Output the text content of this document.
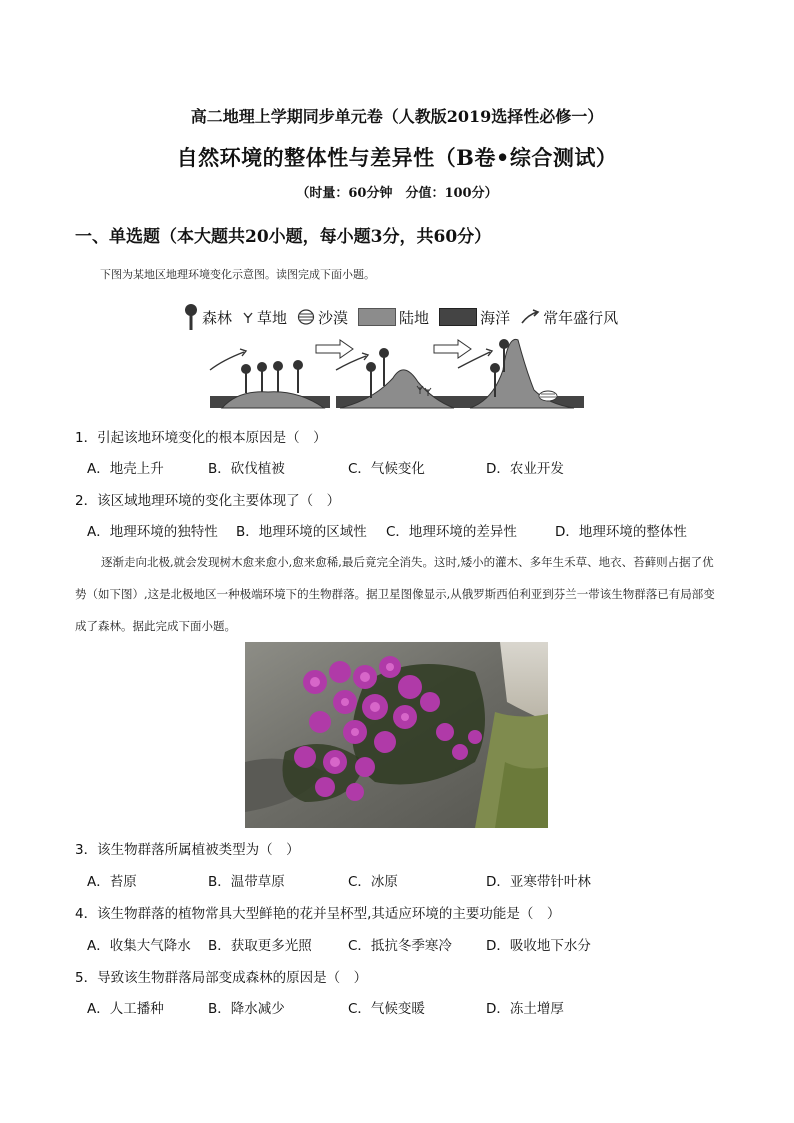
高二地理上学期同步单元卷（人教版2019选择性必修一）
自然环境的整体性与差异性（B卷•综合测试）
（时量：60分钟　分值：100分）
一、单选题（本大题共20小题，每小题3分，共60分）
下图为某地区地理环境变化示意图。读图完成下面小题。
森林 草地 沙漠	陆地	海洋 常年盛行风
1．引起该地环境变化的根本原因是（　）
A．地壳上升	B．砍伐植被	C．气候变化	D．农业开发
2．该区域地理环境的变化主要体现了（　）
A．地理环境的独特性 B．地理环境的区域性 C．地理环境的差异性	D．地理环境的整体性
逐渐走向北极,就会发现树木愈来愈小,愈来愈稀,最后竟完全消失。这时,矮小的灌木、多年生禾草、地衣、苔藓则占据了优势（如下图）,这是北极地区一种极端环境下的生物群落。据卫星图像显示,从俄罗斯西伯利亚到芬兰一带该生物群落已有局部变成了森林。据此完成下面小题。
3．该生物群落所属植被类型为（　）
A．苔原	B．温带草原	C．冰原	D．亚寒带针叶林
4．该生物群落的植物常具大型鲜艳的花并呈杯型,其适应环境的主要功能是（　）
A．收集大气降水 B．获取更多光照	C．抵抗冬季寒冷	D．吸收地下水分
5．导致该生物群落局部变成森林的原因是（　）
A．人工播种	B．降水减少	C．气候变暖	D．冻土增厚
